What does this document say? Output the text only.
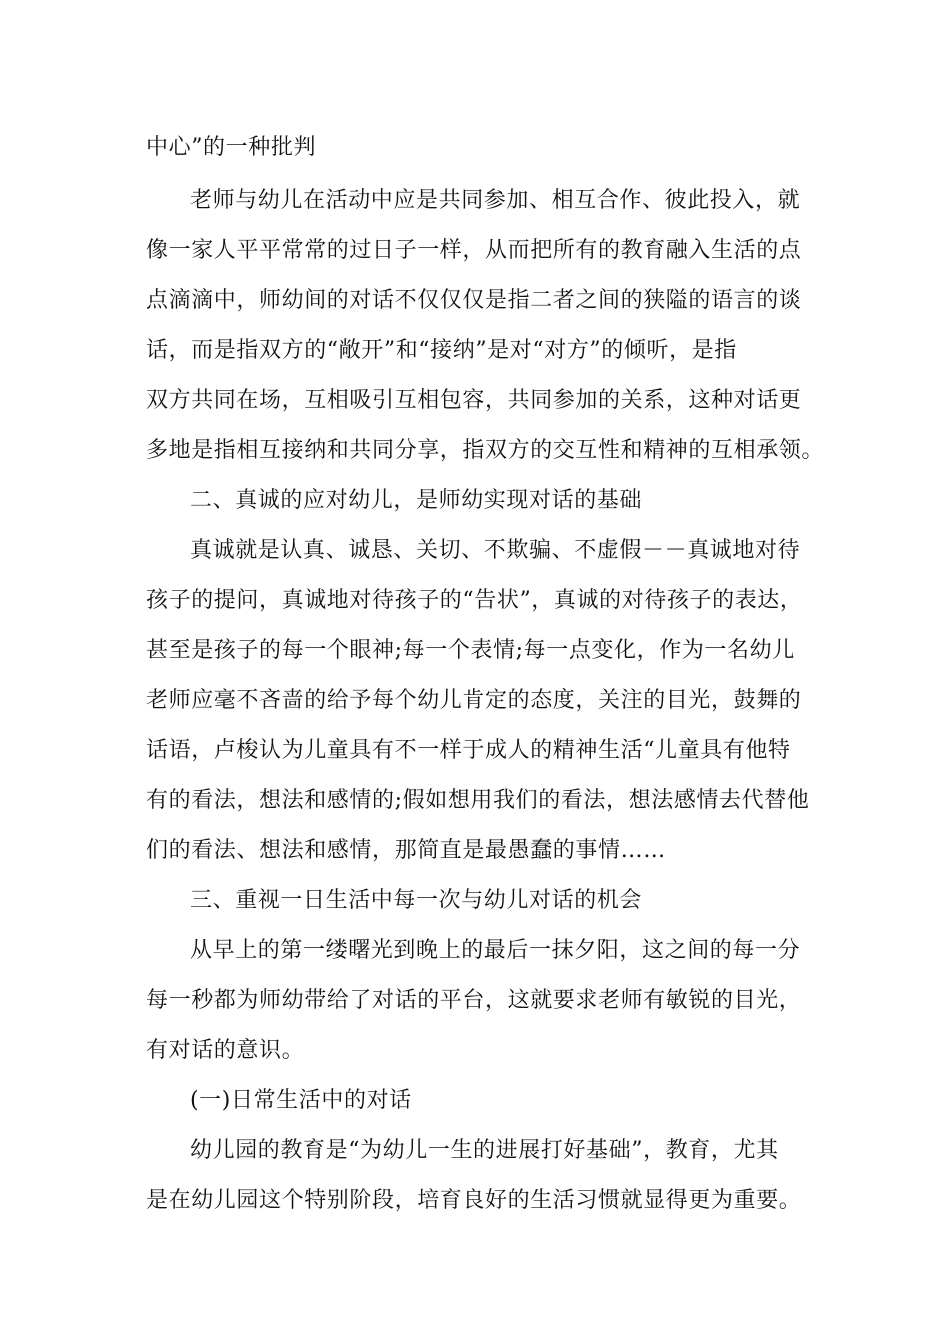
中心”的一种批判

老师与幼儿在活动中应是共同参加、相互合作、彼此投入，就

像一家人平平常常的过日子一样，从而把所有的教育融入生活的点

点滴滴中，师幼间的对话不仅仅仅是指二者之间的狭隘的语言的谈

话，而是指双方的“敞开”和“接纳”是对“对方”的倾听，是指

双方共同在场，互相吸引互相包容，共同参加的关系，这种对话更

多地是指相互接纳和共同分享，指双方的交互性和精神的互相承领。

二、真诚的应对幼儿，是师幼实现对话的基础

真诚就是认真、诚恳、关切、不欺骗、不虚假－－真诚地对待

孩子的提问，真诚地对待孩子的“告状”，真诚的对待孩子的表达，

甚至是孩子的每一个眼神;每一个表情;每一点变化，作为一名幼儿

老师应毫不吝啬的给予每个幼儿肯定的态度，关注的目光，鼓舞的

话语，卢梭认为儿童具有不一样于成人的精神生活“儿童具有他特

有的看法，想法和感情的;假如想用我们的看法，想法感情去代替他

们的看法、想法和感情，那简直是最愚蠢的事情……

三、重视一日生活中每一次与幼儿对话的机会

从早上的第一缕曙光到晚上的最后一抹夕阳，这之间的每一分

每一秒都为师幼带给了对话的平台，这就要求老师有敏锐的目光，

有对话的意识。

(一)日常生活中的对话

幼儿园的教育是“为幼儿一生的进展打好基础”，教育，尤其

是在幼儿园这个特别阶段，培育良好的生活习惯就显得更为重要。
